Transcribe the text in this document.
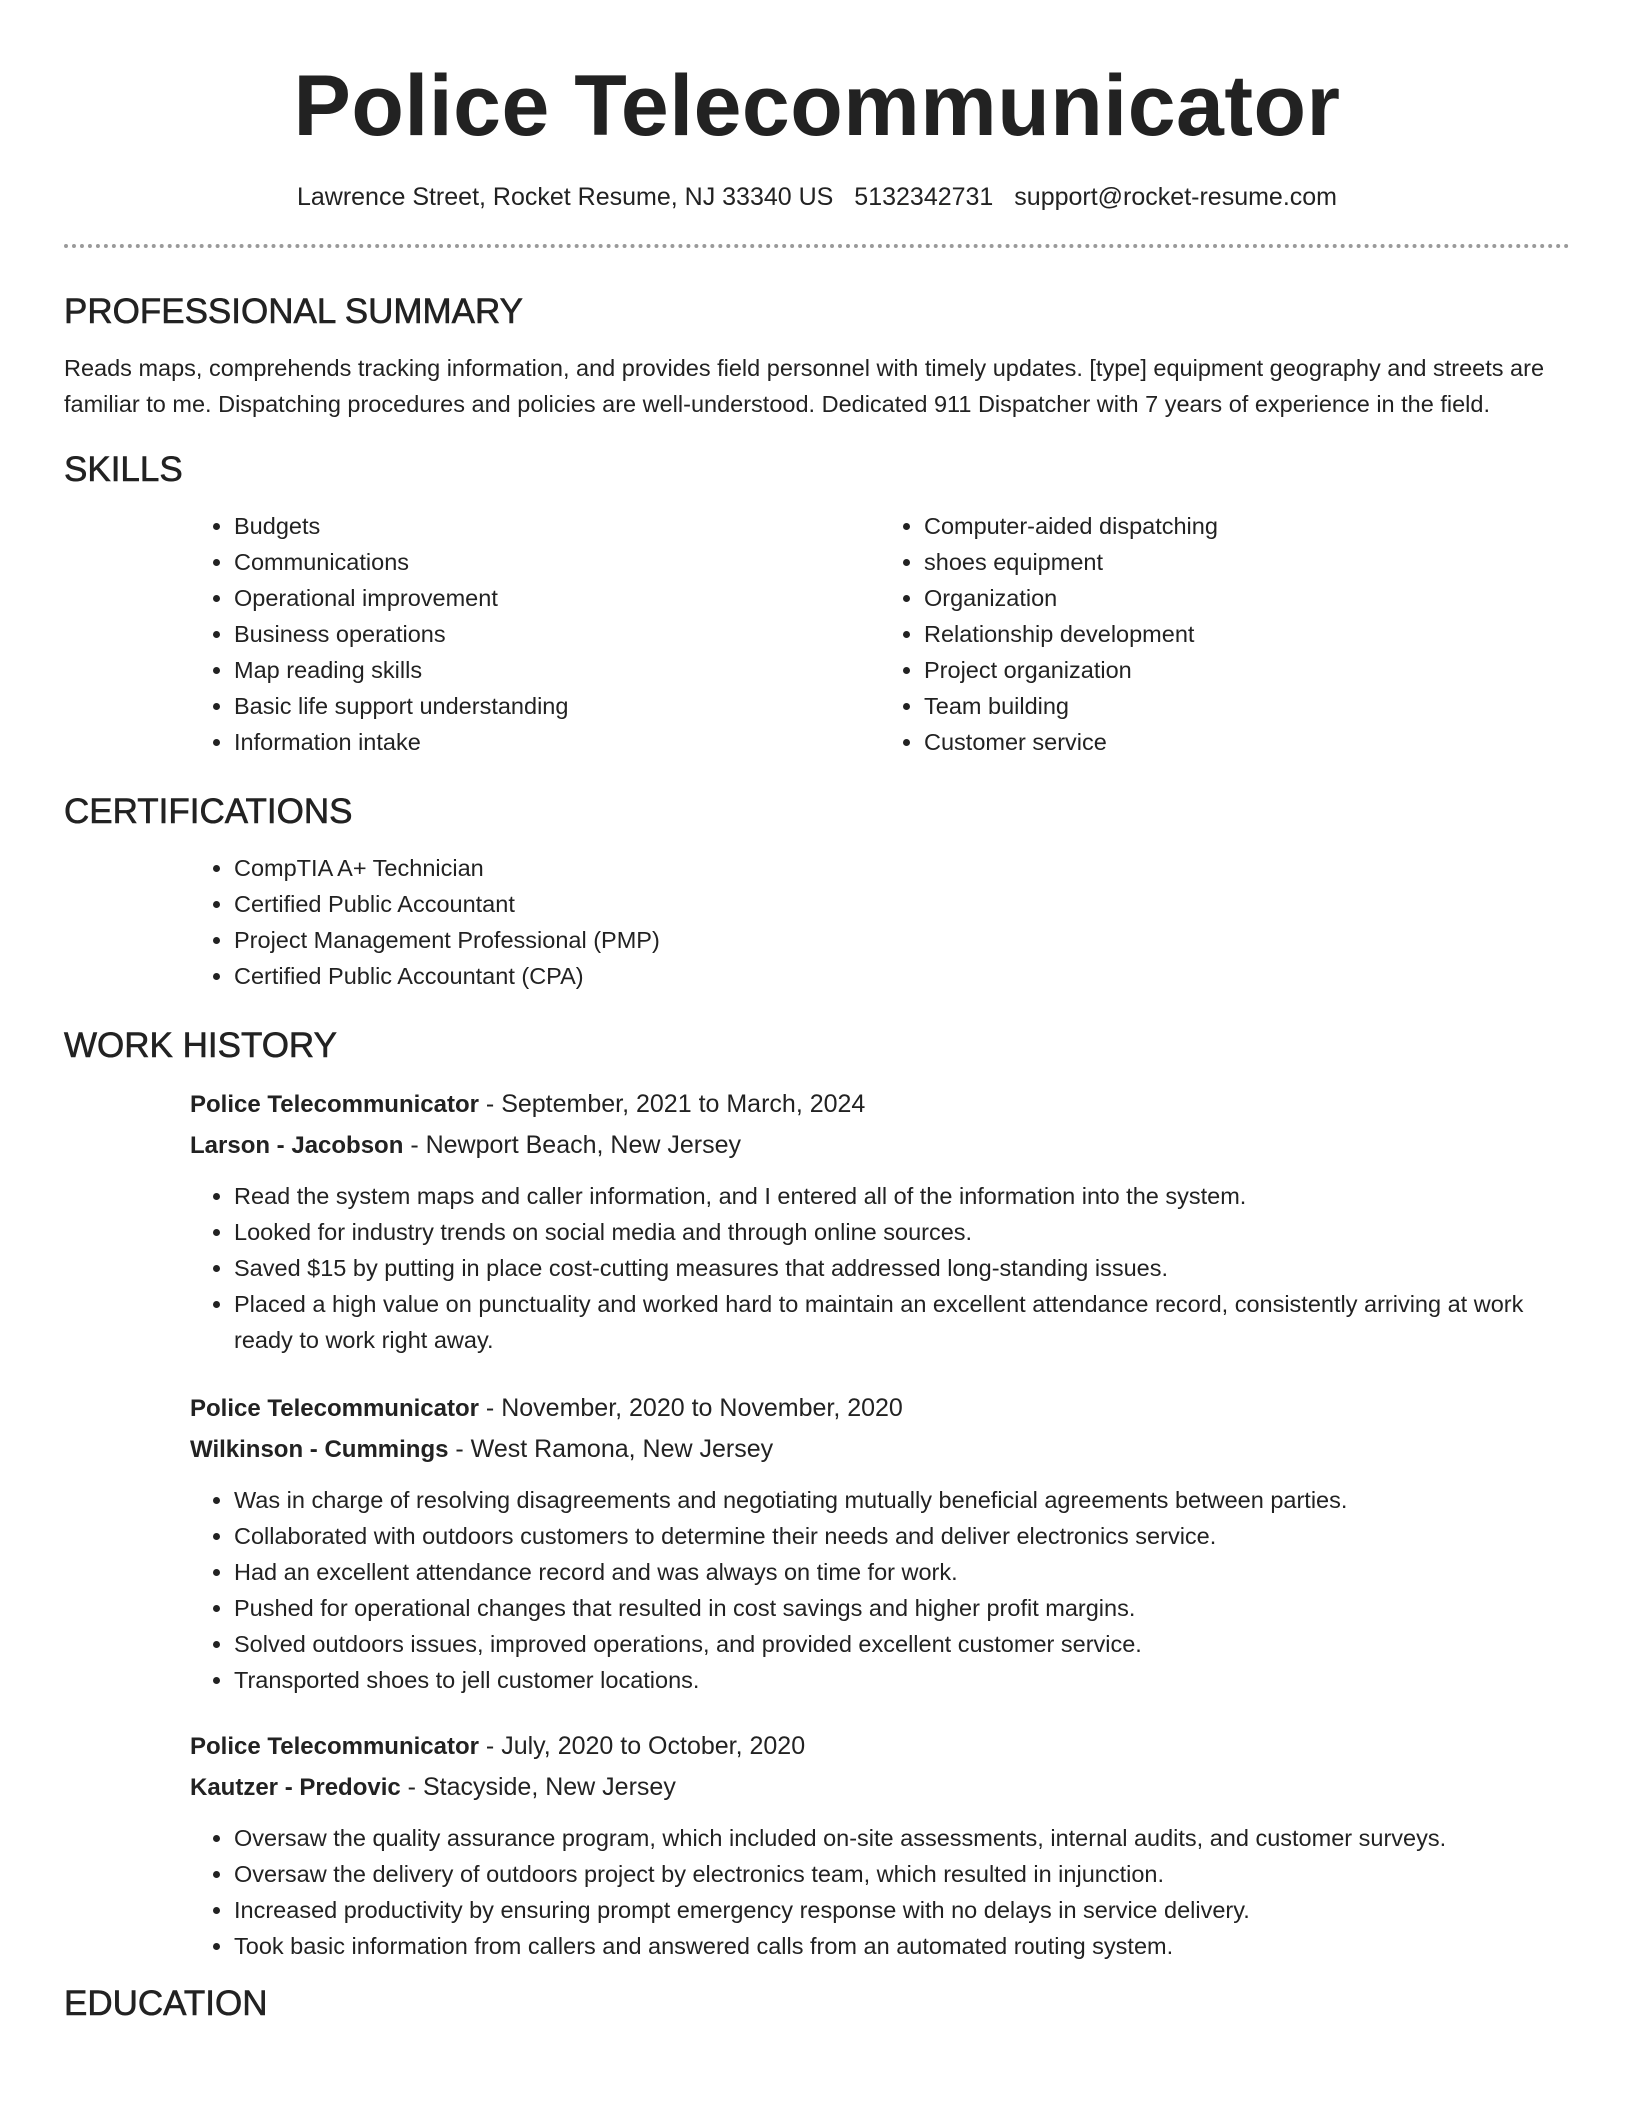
Police Telecommunicator
Lawrence Street, Rocket Resume, NJ 33340 US 5132342731 support@rocket-resume.com
PROFESSIONAL SUMMARY

Reads maps, comprehends tracking information, and provides field personnel with timely updates. [type] equipment geography and streets are familiar to me. Dispatching procedures and policies are well-understood. Dedicated 911 Dispatcher with 7 years of experience in the field.

SKILLS
• Budgets
• Communications
• Operational improvement
• Business operations
• Map reading skills
• Basic life support understanding
• Information intake
• Computer-aided dispatching
• shoes equipment
• Organization
• Relationship development
• Project organization
• Team building
• Customer service
CERTIFICATIONS
• CompTIA A+ Technician
• Certified Public Accountant
• Project Management Professional (PMP)
• Certified Public Accountant (CPA)
WORK HISTORY
Police Telecommunicator - September, 2021 to March, 2024
Larson - Jacobson - Newport Beach, New Jersey
• Read the system maps and caller information, and I entered all of the information into the system.
• Looked for industry trends on social media and through online sources.
• Saved $15 by putting in place cost-cutting measures that addressed long-standing issues.
• Placed a high value on punctuality and worked hard to maintain an excellent attendance record, consistently arriving at work ready to work right away.
Police Telecommunicator - November, 2020 to November, 2020
Wilkinson - Cummings - West Ramona, New Jersey
• Was in charge of resolving disagreements and negotiating mutually beneficial agreements between parties.
• Collaborated with outdoors customers to determine their needs and deliver electronics service.
• Had an excellent attendance record and was always on time for work.
• Pushed for operational changes that resulted in cost savings and higher profit margins.
• Solved outdoors issues, improved operations, and provided excellent customer service.
• Transported shoes to jell customer locations.
Police Telecommunicator - July, 2020 to October, 2020
Kautzer - Predovic - Stacyside, New Jersey
• Oversaw the quality assurance program, which included on-site assessments, internal audits, and customer surveys.
• Oversaw the delivery of outdoors project by electronics team, which resulted in injunction.
• Increased productivity by ensuring prompt emergency response with no delays in service delivery.
• Took basic information from callers and answered calls from an automated routing system.
EDUCATION
